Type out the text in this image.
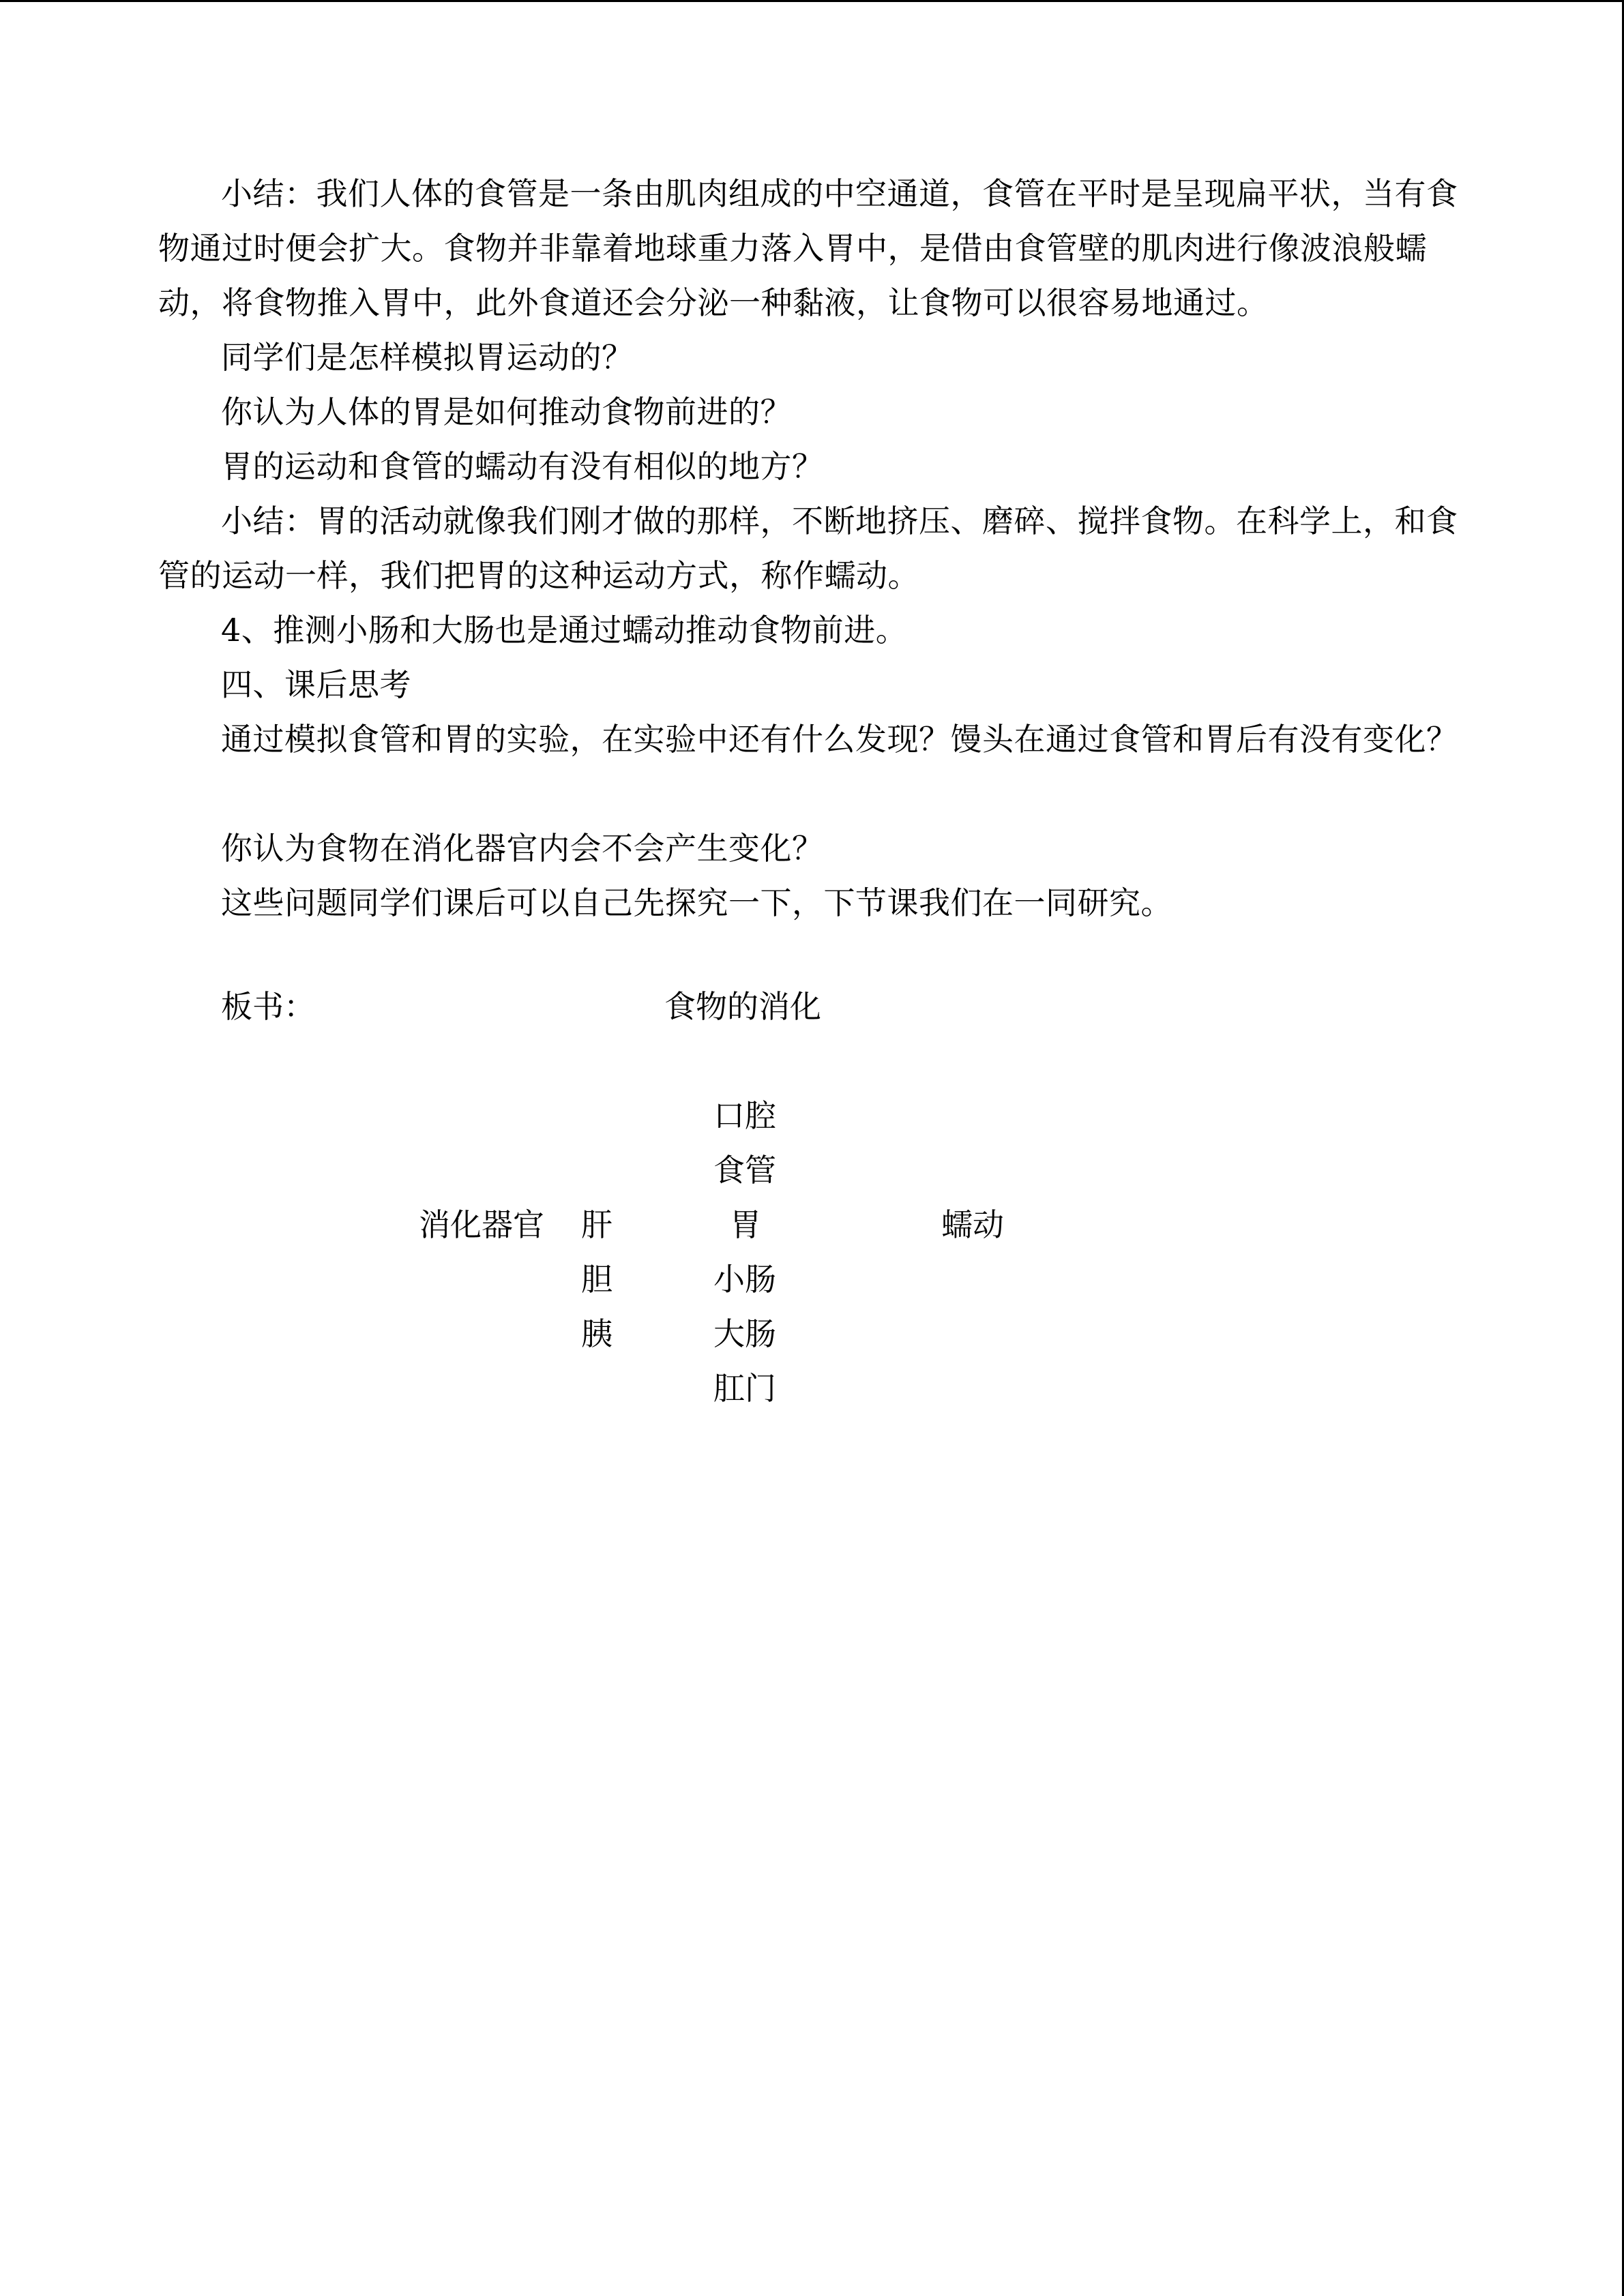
小结：我们人体的食管是一条由肌肉组成的中空通道，食管在平时是呈现扁平状，当有食物通过时便会扩大。食物并非靠着地球重力落入胃中，是借由食管壁的肌肉进行像波浪般蠕动，将食物推入胃中，此外食道还会分泌一种黏液，让食物可以很容易地通过。

同学们是怎样模拟胃运动的？

你认为人体的胃是如何推动食物前进的？

胃的运动和食管的蠕动有没有相似的地方？

小结：胃的活动就像我们刚才做的那样，不断地挤压、磨碎、搅拌食物。在科学上，和食管的运动一样，我们把胃的这种运动方式，称作蠕动。

4、推测小肠和大肠也是通过蠕动推动食物前进。

四、课后思考

通过模拟食管和胃的实验，在实验中还有什么发现？馒头在通过食管和胃后有没有变化？

你认为食物在消化器官内会不会产生变化？

这些问题同学们课后可以自己先探究一下，下节课我们在一同研究。

板书：	食物的消化
口腔
食管
消化器官 肝	胃	蠕动
胆	小肠
胰	大肠
肛门
